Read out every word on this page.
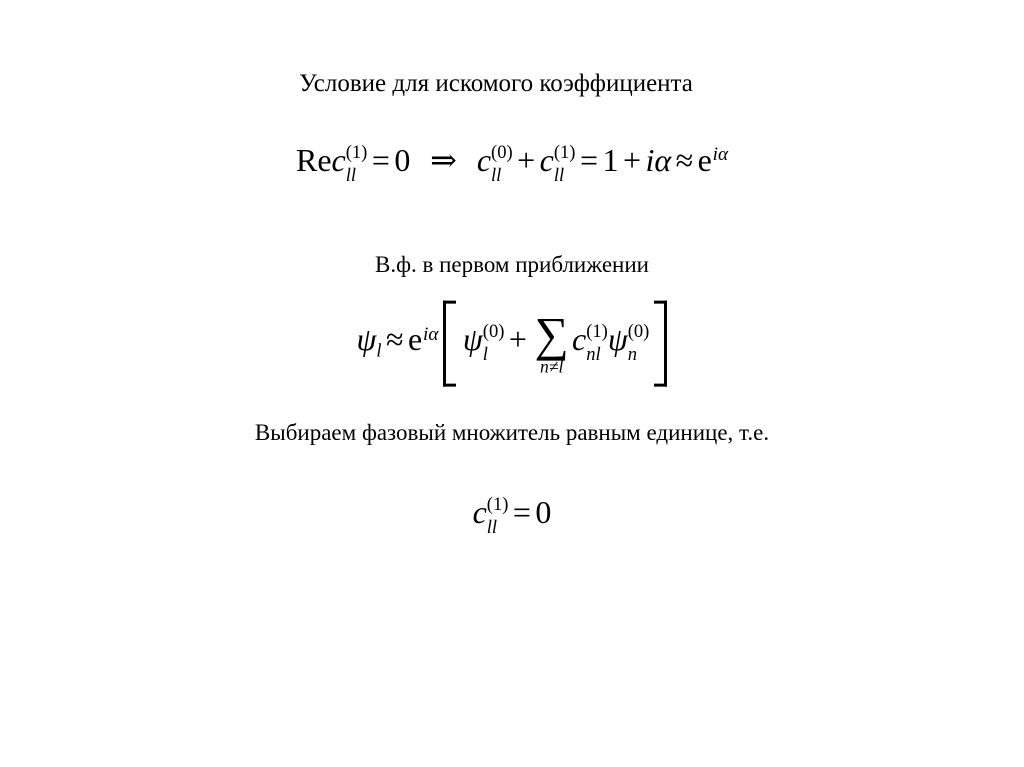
Условие для искомого коэффициента
Rec (1)
ll = 0 ⇒ c (0)
ll + c (1)
ll = $1 + i\alpha \approx e^{i\alpha}$
В.ф. в первом приближении
$\psi_l \approx e^{i\alpha}$ ψ (0)
l + ∑
n≠l
c (1)
nl ψ (0)
n
Выбираем фазовый множитель равным единице, т.е.
c (1)
ll = 0
